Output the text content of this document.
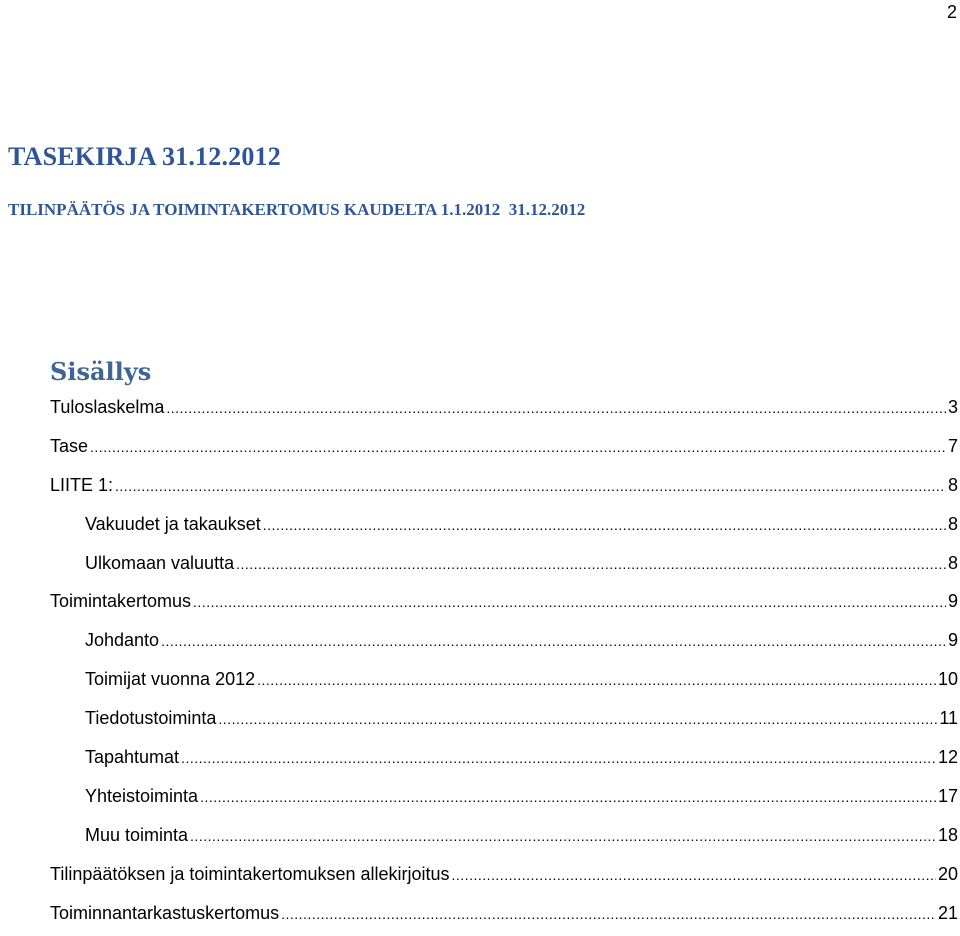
2
TASEKIRJA 31.12.2012
TILINPÄÄTÖS JA TOIMINTAKERTOMUS KAUDELTA 1.1.2012  31.12.2012
Sisällys
Tuloslaskelma .....	3
Tase .....	7
LIITE 1: .....	8
Vakuudet ja takaukset .....	8
Ulkomaan valuutta .....	8
Toimintakertomus .....	9
Johdanto .....	9
Toimijat vuonna 2012 .....	10
Tiedotustoiminta .....	11
Tapahtumat .....	12
Yhteistoiminta .....	17
Muu toiminta .....	18
Tilinpäätöksen ja toimintakertomuksen allekirjoitus .....	20
Toiminnantarkastuskertomus .....	21
